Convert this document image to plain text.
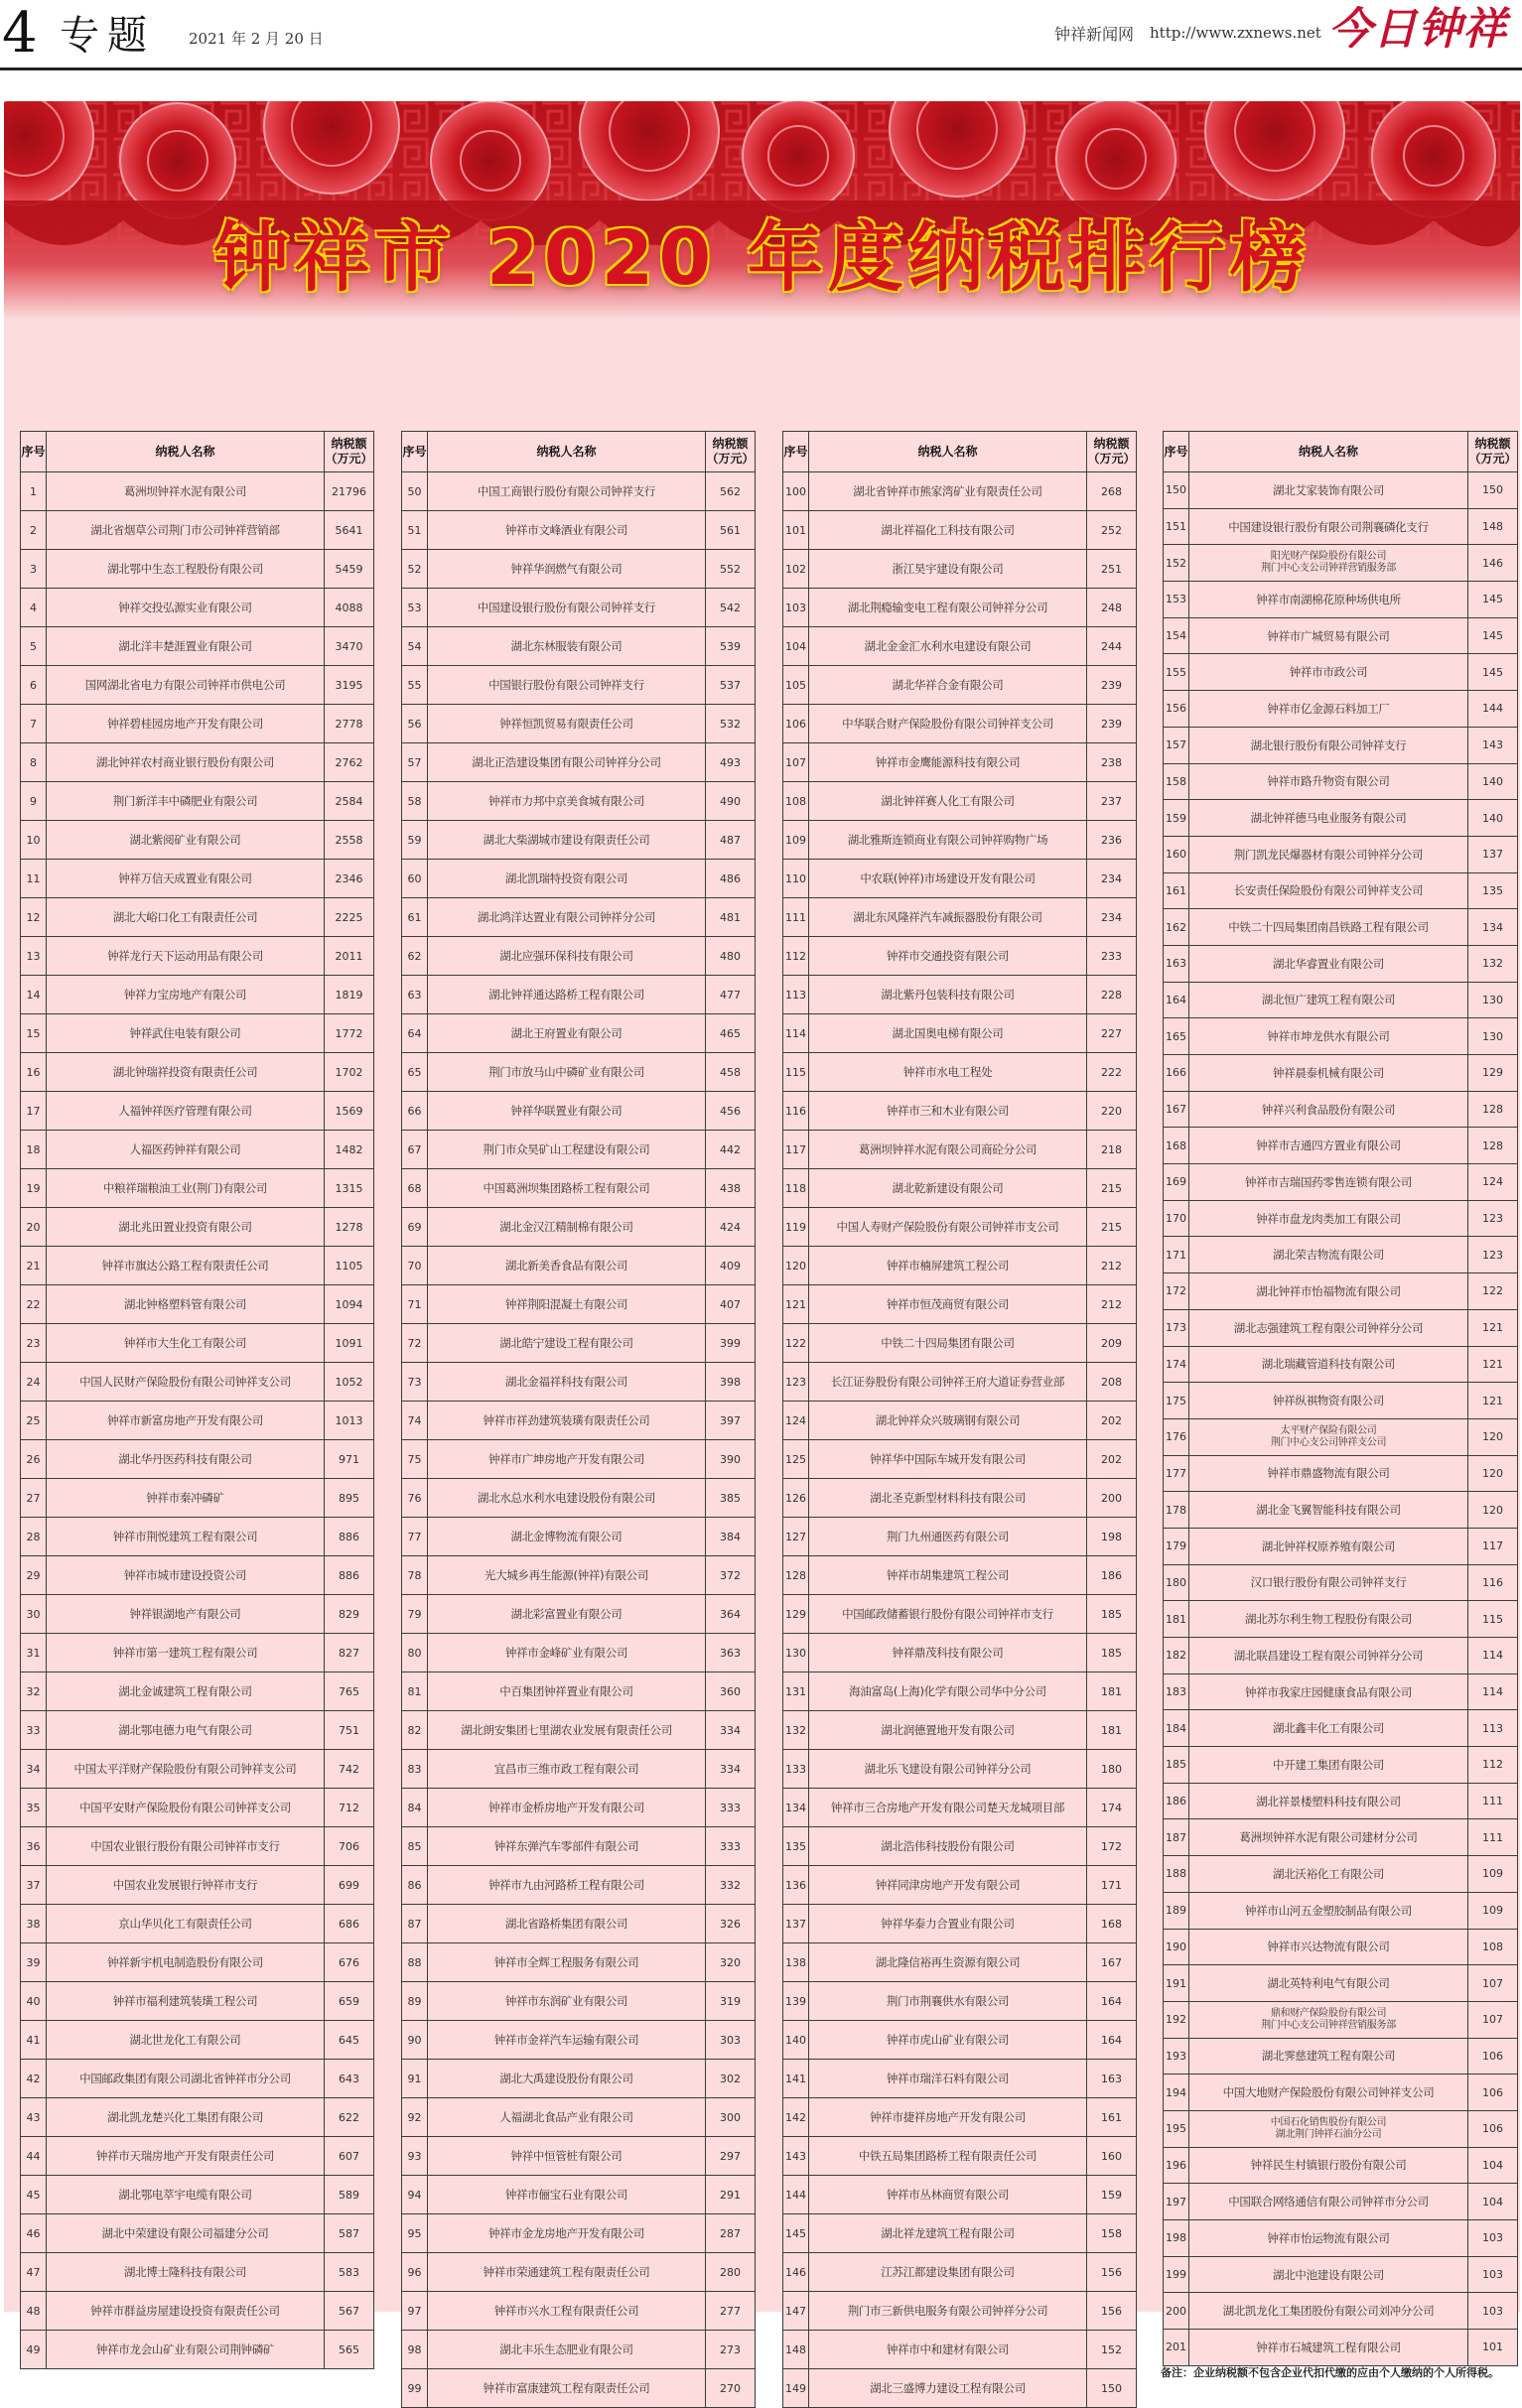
4 专题 2021 年 2 月 20 日	钟祥新闻网 http://www.zxnews.net 今日钟祥
钟祥市 2020 年度纳税排行榜
序号	纳税人名称	纳税额（万元）
1	葛洲坝钟祥水泥有限公司	21796
2	湖北省烟草公司荆门市公司钟祥营销部	5641
3	湖北鄂中生态工程股份有限公司	5459
4	钟祥交投弘源实业有限公司	4088
5	湖北洋丰楚涯置业有限公司	3470
6	国网湖北省电力有限公司钟祥市供电公司	3195
7	钟祥碧桂园房地产开发有限公司	2778
8	湖北钟祥农村商业银行股份有限公司	2762
9	荆门新洋丰中磷肥业有限公司	2584
10	湖北紫阅矿业有限公司	2558
11	钟祥万信天成置业有限公司	2346
12	湖北大峪口化工有限责任公司	2225
13	钟祥龙行天下运动用品有限公司	2011
14	钟祥力宝房地产有限公司	1819
15	钟祥武住电装有限公司	1772
16	湖北钟瑞祥投资有限责任公司	1702
17	人福钟祥医疗管理有限公司	1569
18	人福医药钟祥有限公司	1482
19	中粮祥瑞粮油工业(荆门)有限公司	1315
20	湖北兆田置业投资有限公司	1278
21	钟祥市旗达公路工程有限责任公司	1105
22	湖北钟格塑料管有限公司	1094
23	钟祥市大生化工有限公司	1091
24	中国人民财产保险股份有限公司钟祥支公司	1052
25	钟祥市新富房地产开发有限公司	1013
26	湖北华丹医药科技有限公司	971
27	钟祥市秦冲磷矿	895
28	钟祥市荆悦建筑工程有限公司	886
29	钟祥市城市建设投资公司	886
30	钟祥银湖地产有限公司	829
31	钟祥市第一建筑工程有限公司	827
32	湖北金诚建筑工程有限公司	765
33	湖北鄂电德力电气有限公司	751
34	中国太平洋财产保险股份有限公司钟祥支公司	742
35	中国平安财产保险股份有限公司钟祥支公司	712
36	中国农业银行股份有限公司钟祥市支行	706
37	中国农业发展银行钟祥市支行	699
38	京山华贝化工有限责任公司	686
39	钟祥新宇机电制造股份有限公司	676
40	钟祥市福利建筑装璜工程公司	659
41	湖北世龙化工有限公司	645
42	中国邮政集团有限公司湖北省钟祥市分公司	643
43	湖北凯龙楚兴化工集团有限公司	622
44	钟祥市天瑞房地产开发有限责任公司	607
45	湖北鄂电萃宇电缆有限公司	589
46	湖北中荣建设有限公司福建分公司	587
47	湖北博士隆科技有限公司	583
48	钟祥市群益房屋建设投资有限责任公司	567
49	钟祥市龙会山矿业有限公司荆钟磷矿	565
序号	纳税人名称	纳税额（万元）
50	中国工商银行股份有限公司钟祥支行	562
51	钟祥市文峰酒业有限公司	561
52	钟祥华润燃气有限公司	552
53	中国建设银行股份有限公司钟祥支行	542
54	湖北东林服装有限公司	539
55	中国银行股份有限公司钟祥支行	537
56	钟祥恒凯贸易有限责任公司	532
57	湖北正浩建设集团有限公司钟祥分公司	493
58	钟祥市力邦中京美食城有限公司	490
59	湖北大柴湖城市建设有限责任公司	487
60	湖北凯瑞特投资有限公司	486
61	湖北鸿洋达置业有限公司钟祥分公司	481
62	湖北应强环保科技有限公司	480
63	湖北钟祥通达路桥工程有限公司	477
64	湖北王府置业有限公司	465
65	荆门市放马山中磷矿业有限公司	458
66	钟祥华联置业有限公司	456
67	荆门市众昊矿山工程建设有限公司	442
68	中国葛洲坝集团路桥工程有限公司	438
69	湖北金汉江精制棉有限公司	424
70	湖北新美香食品有限公司	409
71	钟祥荆阳混凝土有限公司	407
72	湖北皓宁建设工程有限公司	399
73	湖北金福祥科技有限公司	398
74	钟祥市祥劲建筑装璜有限责任公司	397
75	钟祥市广坤房地产开发有限公司	390
76	湖北水总水利水电建设股份有限公司	385
77	湖北金博物流有限公司	384
78	光大城乡再生能源(钟祥)有限公司	372
79	湖北彩富置业有限公司	364
80	钟祥市金峰矿业有限公司	363
81	中百集团钟祥置业有限公司	360
82	湖北朗安集团七里湖农业发展有限责任公司	334
83	宜昌市三维市政工程有限公司	334
84	钟祥市金桥房地产开发有限公司	333
85	钟祥东弹汽车零部件有限公司	333
86	钟祥市九由河路桥工程有限公司	332
87	湖北省路桥集团有限公司	326
88	钟祥市全辉工程服务有限公司	320
89	钟祥市东润矿业有限公司	319
90	钟祥市金祥汽车运输有限公司	303
91	湖北大禹建设股份有限公司	302
92	人福湖北食品产业有限公司	300
93	钟祥中恒管桩有限公司	297
94	钟祥市俪宝石业有限公司	291
95	钟祥市金龙房地产开发有限公司	287
96	钟祥市荣通建筑工程有限责任公司	280
97	钟祥市兴水工程有限责任公司	277
98	湖北丰乐生态肥业有限公司	273
99	钟祥市富康建筑工程有限责任公司	270
序号	纳税人名称	纳税额（万元）
100	湖北省钟祥市熊家湾矿业有限责任公司	268
101	湖北祥福化工科技有限公司	252
102	浙江昊宇建设有限公司	251
103	湖北荆瘾输变电工程有限公司钟祥分公司	248
104	湖北金金汇水利水电建设有限公司	244
105	湖北华祥合金有限公司	239
106	中华联合财产保险股份有限公司钟祥支公司	239
107	钟祥市金鹰能源科技有限公司	238
108	湖北钟祥赛人化工有限公司	237
109	湖北雅斯连锁商业有限公司钟祥购物广场	236
110	中农联(钟祥)市场建设开发有限公司	234
111	湖北东风隆祥汽车减振器股份有限公司	234
112	钟祥市交通投资有限公司	233
113	湖北紫丹包装科技有限公司	228
114	湖北国奥电梯有限公司	227
115	钟祥市水电工程处	222
116	钟祥市三和木业有限公司	220
117	葛洲坝钟祥水泥有限公司商砼分公司	218
118	湖北乾新建设有限公司	215
119	中国人寿财产保险股份有限公司钟祥市支公司	215
120	钟祥市楠屏建筑工程公司	212
121	钟祥市恒茂商贸有限公司	212
122	中铁二十四局集团有限公司	209
123	长江证券股份有限公司钟祥王府大道证券营业部	208
124	湖北钟祥众兴玻璃钢有限公司	202
125	钟祥华中国际车城开发有限公司	202
126	湖北圣克新型材料科技有限公司	200
127	荆门九州通医药有限公司	198
128	钟祥市胡集建筑工程公司	186
129	中国邮政储蓄银行股份有限公司钟祥市支行	185
130	钟祥鼎茂科技有限公司	185
131	海油富岛(上海)化学有限公司华中分公司	181
132	湖北润德置地开发有限公司	181
133	湖北乐飞建设有限公司钟祥分公司	180
134	钟祥市三合房地产开发有限公司楚天龙城项目部	174
135	湖北浩伟科技股份有限公司	172
136	钟祥同津房地产开发有限公司	171
137	钟祥华泰力合置业有限公司	168
138	湖北隆信裕再生资源有限公司	167
139	荆门市荆襄供水有限公司	164
140	钟祥市虎山矿业有限公司	164
141	钟祥市瑞洋石料有限公司	163
142	钟祥市捷祥房地产开发有限公司	161
143	中铁五局集团路桥工程有限责任公司	160
144	钟祥市丛林商贸有限公司	159
145	湖北祥龙建筑工程有限公司	158
146	江苏江都建设集团有限公司	156
147	荆门市三新供电服务有限公司钟祥分公司	156
148	钟祥市中和建材有限公司	152
149	湖北三盛博力建设工程有限公司	150
序号	纳税人名称	纳税额（万元）
150	湖北艾家装饰有限公司	150
151	中国建设银行股份有限公司荆襄磷化支行	148
152	阳光财产保险股份有限公司
荆门中心支公司钟祥营销服务部	146
153	钟祥市南湖棉花原种场供电所	145
154	钟祥市广城贸易有限公司	145
155	钟祥市市政公司	145
156	钟祥市亿金源石料加工厂	144
157	湖北银行股份有限公司钟祥支行	143
158	钟祥市路升物资有限公司	140
159	湖北钟祥德马电业服务有限公司	140
160	荆门凯龙民爆器材有限公司钟祥分公司	137
161	长安责任保险股份有限公司钟祥支公司	135
162	中铁二十四局集团南昌铁路工程有限公司	134
163	湖北华睿置业有限公司	132
164	湖北恒广建筑工程有限公司	130
165	钟祥市坤龙供水有限公司	130
166	钟祥晨泰机械有限公司	129
167	钟祥兴利食品股份有限公司	128
168	钟祥市吉通四方置业有限公司	128
169	钟祥市吉瑞国药零售连锁有限公司	124
170	钟祥市盘龙肉类加工有限公司	123
171	湖北荣吉物流有限公司	123
172	湖北钟祥市怡福物流有限公司	122
173	湖北志强建筑工程有限公司钟祥分公司	121
174	湖北瑞藏管道科技有限公司	121
175	钟祥纵祺物资有限公司	121
176	太平财产保险有限公司
荆门中心支公司钟祥支公司	120
177	钟祥市鼎盛物流有限公司	120
178	湖北金飞翼智能科技有限公司	120
179	湖北钟祥权原养殖有限公司	117
180	汉口银行股份有限公司钟祥支行	116
181	湖北苏尔利生物工程股份有限公司	115
182	湖北联昌建设工程有限公司钟祥分公司	114
183	钟祥市我家庄园健康食品有限公司	114
184	湖北鑫丰化工有限公司	113
185	中开建工集团有限公司	112
186	湖北祥景楼塑料科技有限公司	111
187	葛洲坝钟祥水泥有限公司建材分公司	111
188	湖北沃裕化工有限公司	109
189	钟祥市山河五金塑胶制品有限公司	109
190	钟祥市兴达物流有限公司	108
191	湖北英特利电气有限公司	107
192	鼎和财产保险股份有限公司
荆门中心支公司钟祥营销服务部	107
193	湖北霁慈建筑工程有限公司	106
194	中国大地财产保险股份有限公司钟祥支公司	106
195	中国石化销售股份有限公司
湖北荆门钟祥石油分公司	106
196	钟祥民生村镇银行股份有限公司	104
197	中国联合网络通信有限公司钟祥市分公司	104
198	钟祥市怡运物流有限公司	103
199	湖北中池建设有限公司	103
200	湖北凯龙化工集团股份有限公司刘冲分公司	103
201	钟祥市石城建筑工程有限公司	101
备注：企业纳税额不包含企业代扣代缴的应由个人缴纳的个人所得税。
